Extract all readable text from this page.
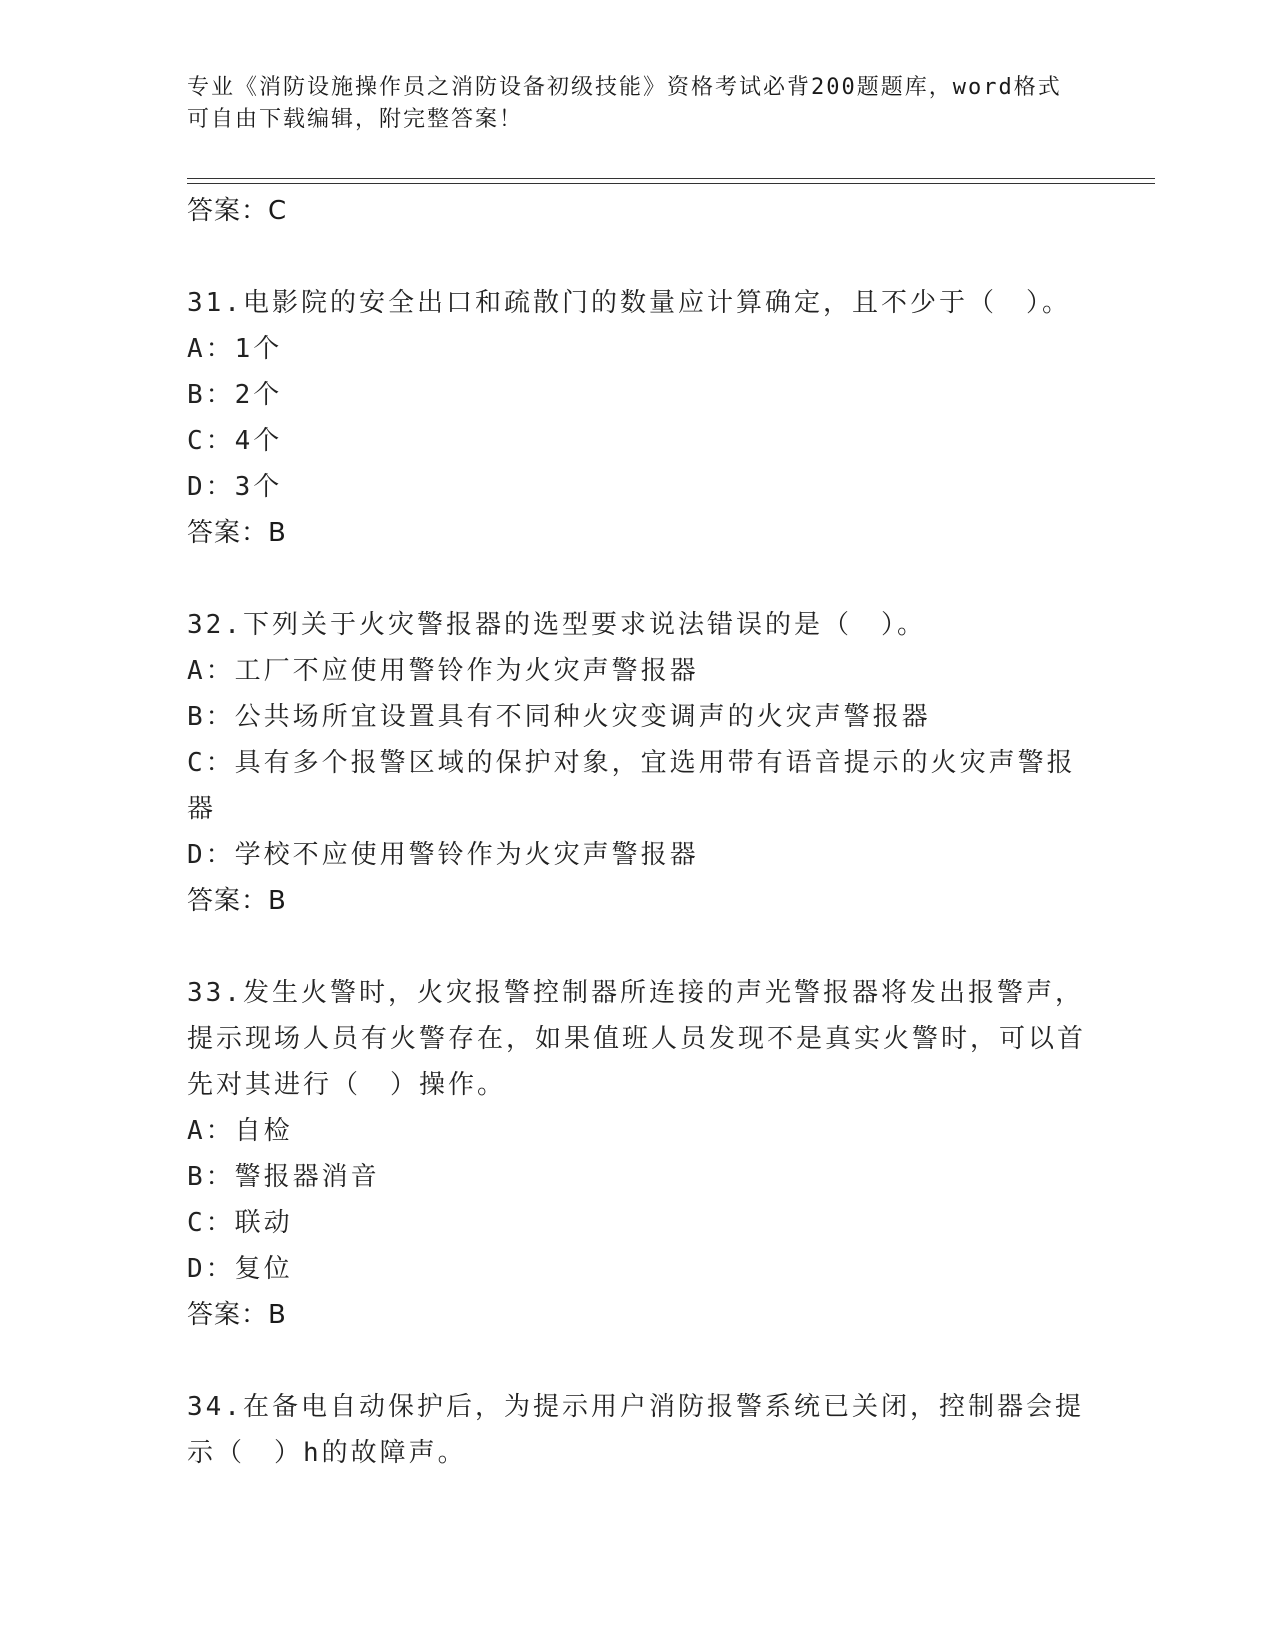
专业《消防设施操作员之消防设备初级技能》资格考试必背200题题库，word格式可自由下载编辑，附完整答案！
答案：C
31.电影院的安全出口和疏散门的数量应计算确定，且不少于（　）。
A：1个
B：2个
C：4个
D：3个
答案：B
32.下列关于火灾警报器的选型要求说法错误的是（　）。
A：工厂不应使用警铃作为火灾声警报器
B：公共场所宜设置具有不同种火灾变调声的火灾声警报器
C：具有多个报警区域的保护对象，宜选用带有语音提示的火灾声警报器
D：学校不应使用警铃作为火灾声警报器
答案：B
33.发生火警时，火灾报警控制器所连接的声光警报器将发出报警声，提示现场人员有火警存在，如果值班人员发现不是真实火警时，可以首先对其进行（　）操作。
A：自检
B：警报器消音
C：联动
D：复位
答案：B
34.在备电自动保护后，为提示用户消防报警系统已关闭，控制器会提示（　）h的故障声。
